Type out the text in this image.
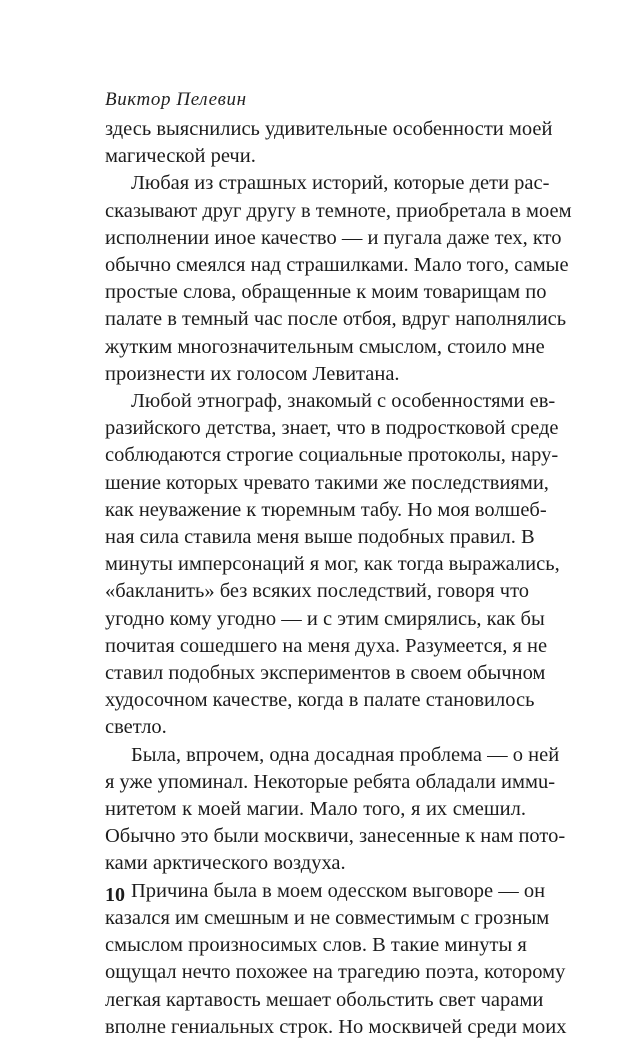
Виктор Пелевин
здесь выяснились удивительные особенности моей
магической речи.
Любая из страшных историй, которые дети рас-
сказывают друг другу в темноте, приобретала в моем
исполнении иное качество — и пугала даже тех, кто
обычно смеялся над страшилками. Мало того, самые
простые слова, обращенные к моим товарищам по
палате в темный час после отбоя, вдруг наполнялись
жутким многозначительным смыслом, стоило мне
произнести их голосом Левитана.
Любой этнограф, знакомый с особенностями ев-
разийского детства, знает, что в подростковой среде
соблюдаются строгие социальные протоколы, нару-
шение которых чревато такими же последствиями,
как неуважение к тюремным табу. Но моя волшеб-
ная сила ставила меня выше подобных правил. В
минуты имперсонаций я мог, как тогда выражались,
«бакланить» без всяких последствий, говоря что
угодно кому угодно — и с этим смирялись, как бы
почитая сошедшего на меня духа. Разумеется, я не
ставил подобных экспериментов в своем обычном
худосочном качестве, когда в палате становилось
светло.
Была, впрочем, одна досадная проблема — о ней
я уже упоминал. Некоторые ребята обладали иммu-
нитетом к моей магии. Мало того, я их смешил.
Обычно это были москвичи, занесенные к нам пото-
ками арктического воздуха.
Причина была в моем одесском выговоре — он
казался им смешным и не совместимым с грозным
смыслом произносимых слов. В такие минуты я
ощущал нечто похожее на трагедию поэта, которому
легкая картавость мешает обольстить свет чарами
вполне гениальных строк. Но москвичей среди моих
10
